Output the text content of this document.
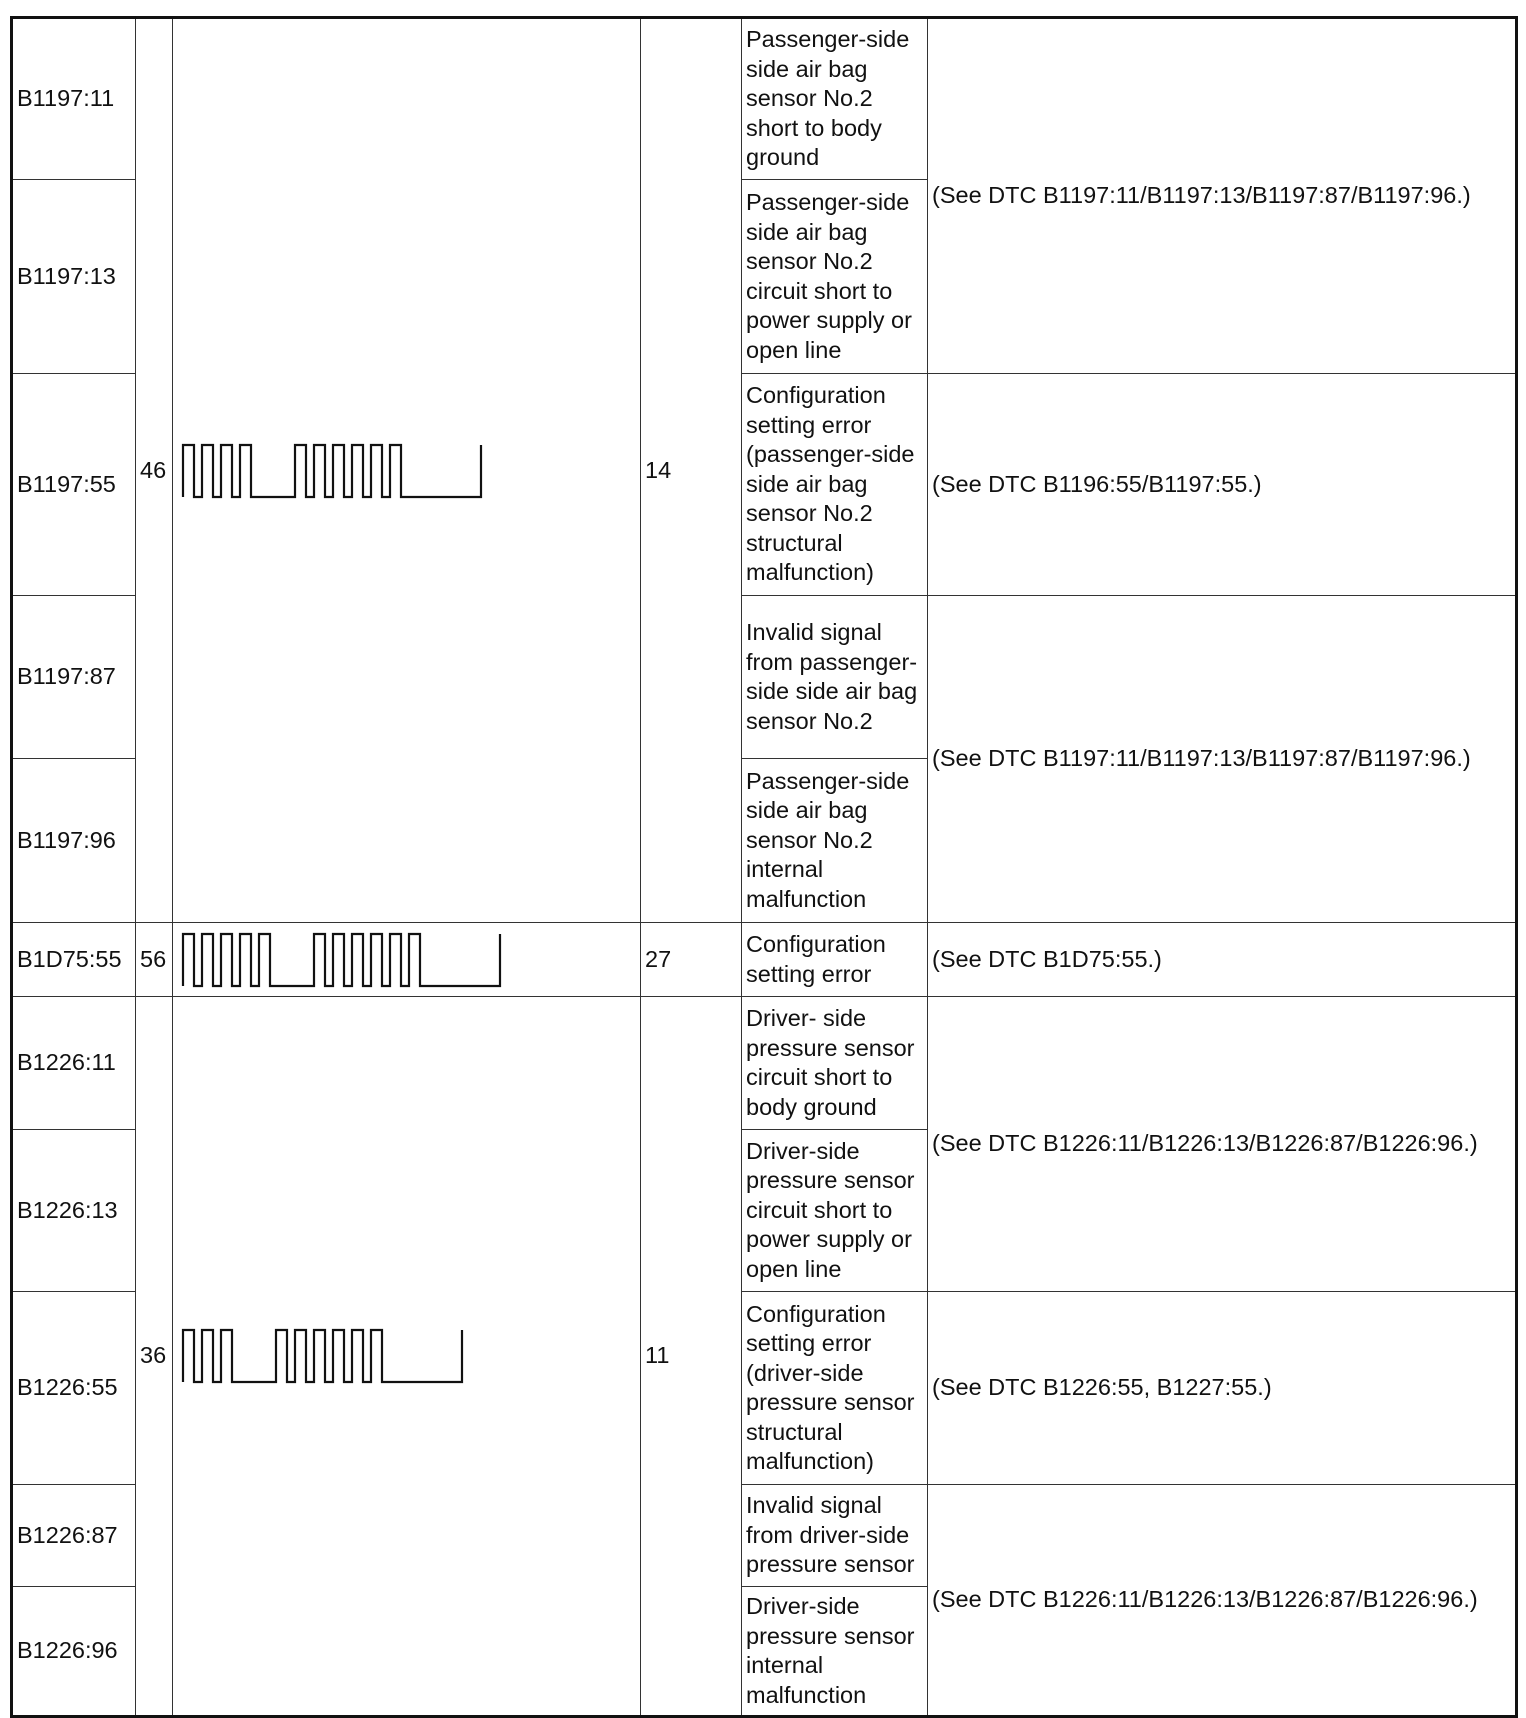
B1197:11	46		14	Passenger-side side air bag sensor No.2 short to body ground	(See DTC B1197:11/B1197:13/B1197:87/B1197:96.)
B1197:13				Passenger-side side air bag sensor No.2 circuit short to power supply or open line	
B1197:55				Configuration setting error (passenger-side side air bag sensor No.2 structural malfunction)	(See DTC B1196:55/B1197:55.)
B1197:87				Invalid signal from passenger-side side air bag sensor No.2	(See DTC B1197:11/B1197:13/B1197:87/B1197:96.)
B1197:96				Passenger-side side air bag sensor No.2 internal malfunction	
B1D75:55	56		27	Configuration setting error	(See DTC B1D75:55.)
B1226:11	36		11	Driver- side pressure sensor circuit short to body ground	(See DTC B1226:11/B1226:13/B1226:87/B1226:96.)
B1226:13				Driver-side pressure sensor circuit short to power supply or open line	
B1226:55				Configuration setting error (driver-side pressure sensor structural malfunction)	(See DTC B1226:55, B1227:55.)
B1226:87				Invalid signal from driver-side pressure sensor	(See DTC B1226:11/B1226:13/B1226:87/B1226:96.)
B1226:96				Driver-side pressure sensor internal malfunction	
